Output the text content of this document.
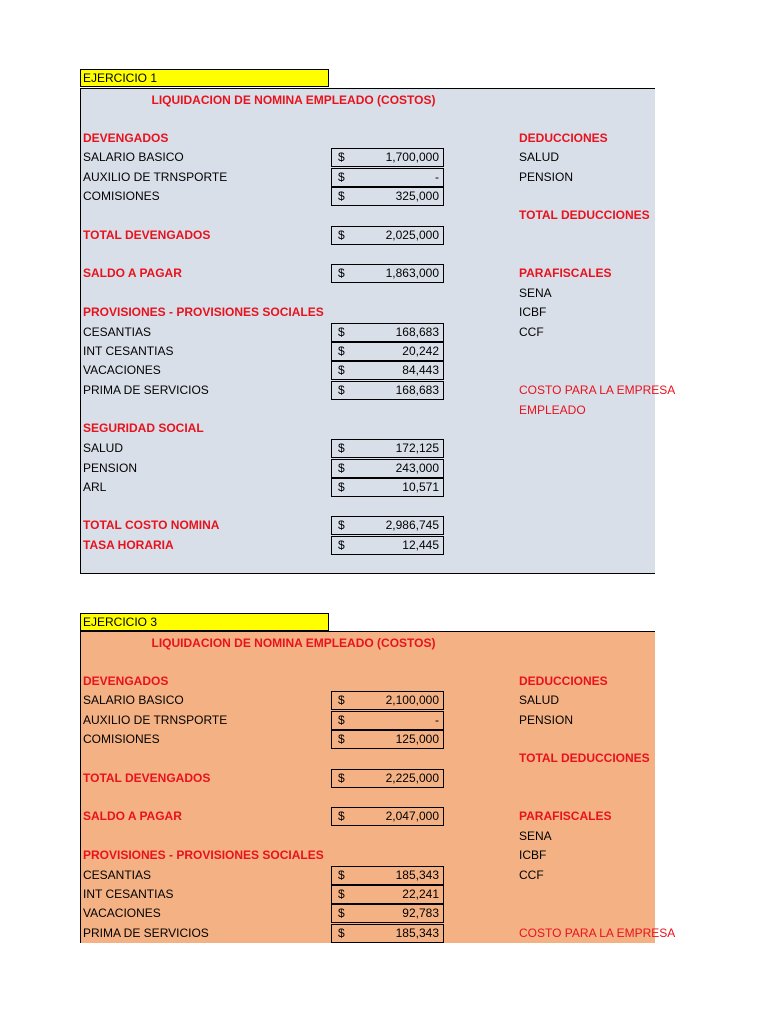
EJERCICIO 1
LIQUIDACION DE NOMINA EMPLEADO (COSTOS)
DEVENGADOS	DEDUCCIONES
SALARIO BASICO	$	1,700,000	SALUD
AUXILIO DE TRNSPORTE	$	-	PENSION
COMISIONES	$	325,000
TOTAL DEDUCCIONES
TOTAL DEVENGADOS	$	2,025,000
SALDO A PAGAR	$	1,863,000	PARAFISCALES
SENA
PROVISIONES - PROVISIONES SOCIALES	ICBF
CESANTIAS	$	168,683	CCF
INT CESANTIAS	$	20,242
VACACIONES	$	84,443
PRIMA DE SERVICIOS	$	168,683	COSTO PARA LA EMPRESA
EMPLEADO
SEGURIDAD SOCIAL
SALUD	$	172,125
PENSION	$	243,000
ARL	$	10,571
TOTAL COSTO NOMINA	$	2,986,745
TASA HORARIA	$	12,445
EJERCICIO 3
LIQUIDACION DE NOMINA EMPLEADO (COSTOS)
DEVENGADOS	DEDUCCIONES
SALARIO BASICO	$	2,100,000	SALUD
AUXILIO DE TRNSPORTE	$	-	PENSION
COMISIONES	$	125,000
TOTAL DEDUCCIONES
TOTAL DEVENGADOS	$	2,225,000
SALDO A PAGAR	$	2,047,000	PARAFISCALES
SENA
PROVISIONES - PROVISIONES SOCIALES	ICBF
CESANTIAS	$	185,343	CCF
INT CESANTIAS	$	22,241
VACACIONES	$	92,783
PRIMA DE SERVICIOS	$	185,343	COSTO PARA LA EMPRESA
